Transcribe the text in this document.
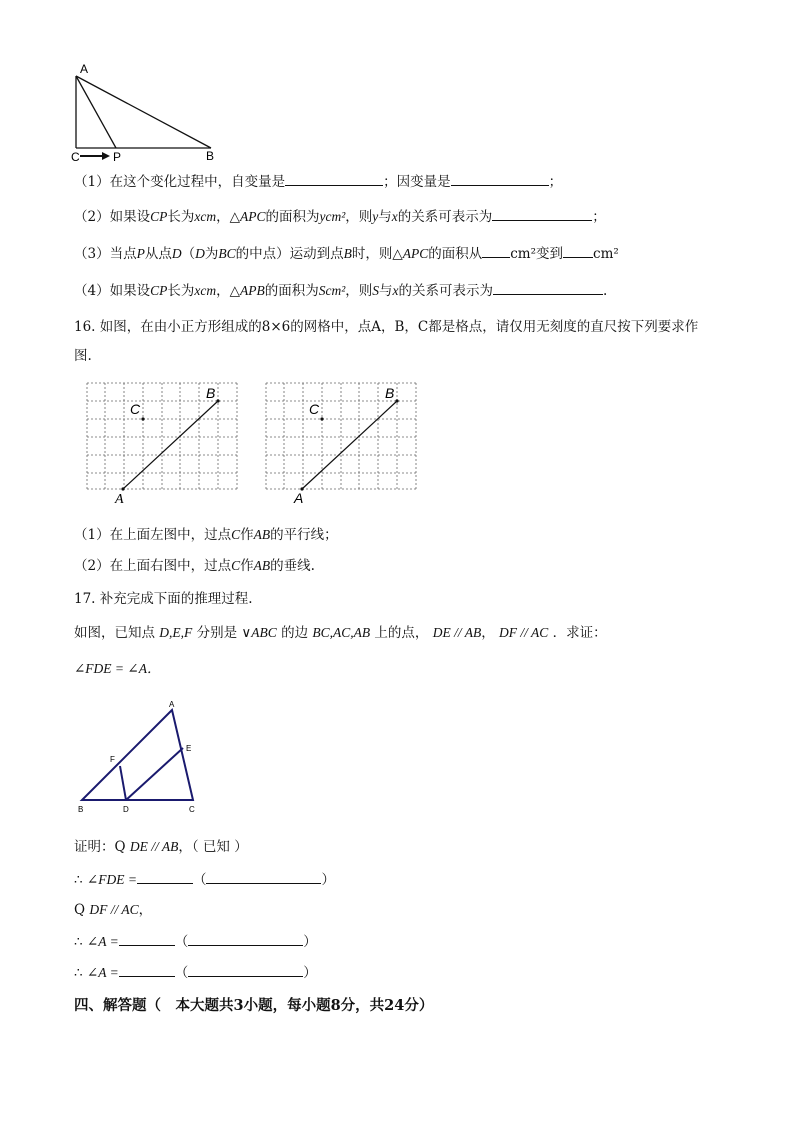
A
C	P	B
（1）在这个变化过程中，自变量是	；因变量是	；
（2）如果设CP长为xcm，△APC的面积为ycm²，则y与x的关系可表示为	；
（3）当点P从点D（D为BC的中点）运动到点B时，则△APC的面积从 cm²变到 cm²
（4）如果设CP长为xcm，△APB的面积为Scm²，则S与x的关系可表示为	.
16. 如图，在由小正方形组成的8×6的网格中，点A，B，C都是格点，请仅用无刻度的直尺按下列要求作
图.
A
B
C
A
B
C
（1）在上面左图中，过点C作AB的平行线；
（2）在上面右图中，过点C作AB的垂线.
17. 补充完成下面的推理过程.
如图，已知点 D,E,F 分别是 ∨ABC 的边 BC,AC,AB 上的点， DE // AB， DF // AC ．求证：
∠FDE = ∠A．
A
B	C
D
E
F
证明：Q DE // AB，（ 已知 ）
∴ ∠FDE =	（	）
Q DF // AC，
∴ ∠A =	（	）
∴ ∠A =	（	）
四、解答题（　本大题共3小题，每小题8分，共24分）
